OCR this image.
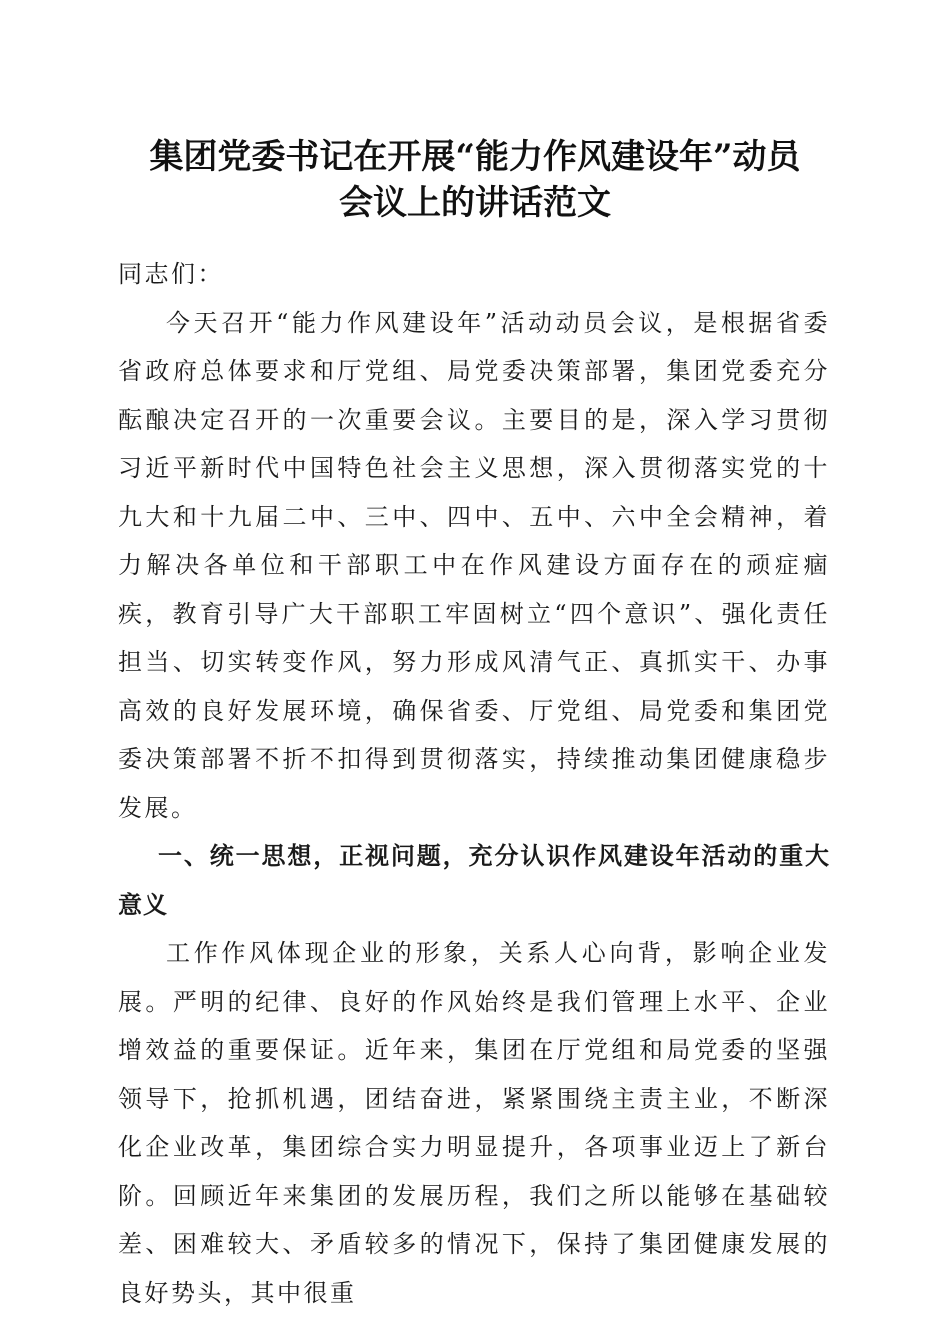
集团党委书记在开展“能力作风建设年”动员
会议上的讲话范文

同志们：

今天召开“能力作风建设年”活动动员会议，是根据省委省政府总体要求和厅党组、局党委决策部署，集团党委充分酝酿决定召开的一次重要会议。主要目的是，深入学习贯彻习近平新时代中国特色社会主义思想，深入贯彻落实党的十九大和十九届二中、三中、四中、五中、六中全会精神，着力解决各单位和干部职工中在作风建设方面存在的顽症痼疾，教育引导广大干部职工牢固树立“四个意识”、强化责任担当、切实转变作风，努力形成风清气正、真抓实干、办事高效的良好发展环境，确保省委、厅党组、局党委和集团党委决策部署不折不扣得到贯彻落实，持续推动集团健康稳步发展。

一、统一思想，正视问题，充分认识作风建设年活动的重大意义

工作作风体现企业的形象，关系人心向背，影响企业发展。严明的纪律、良好的作风始终是我们管理上水平、企业增效益的重要保证。近年来，集团在厅党组和局党委的坚强领导下，抢抓机遇，团结奋进，紧紧围绕主责主业，不断深化企业改革，集团综合实力明显提升，各项事业迈上了新台阶。回顾近年来集团的发展历程，我们之所以能够在基础较差、困难较大、矛盾较多的情况下，保持了集团健康发展的良好势头，其中很重
